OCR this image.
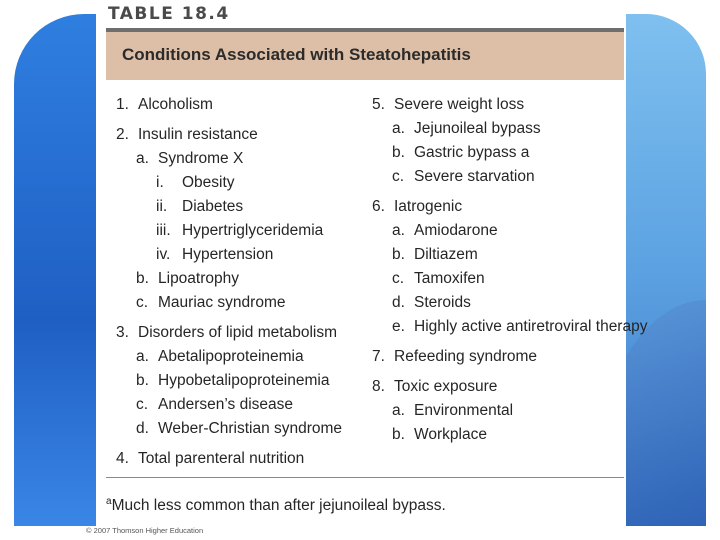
TABLE 18.4
Conditions Associated with Steatohepatitis
1. Alcoholism
2. Insulin resistance
a. Syndrome X
i. Obesity
ii. Diabetes
iii. Hypertriglyceridemia
iv. Hypertension
b. Lipoatrophy
c. Mauriac syndrome
3. Disorders of lipid metabolism
a. Abetalipoproteinemia
b. Hypobetalipoproteinemia
c. Andersen’s disease
d. Weber-Christian syndrome
4. Total parenteral nutrition
5. Severe weight loss
a. Jejunoileal bypass
b. Gastric bypass a
c. Severe starvation
6. Iatrogenic
a. Amiodarone
b. Diltiazem
c. Tamoxifen
d. Steroids
e. Highly active antiretroviral therapy
7. Refeeding syndrome
8. Toxic exposure
a. Environmental
b. Workplace
$^a$Much less common than after jejunoileal bypass.
© 2007 Thomson Higher Education
